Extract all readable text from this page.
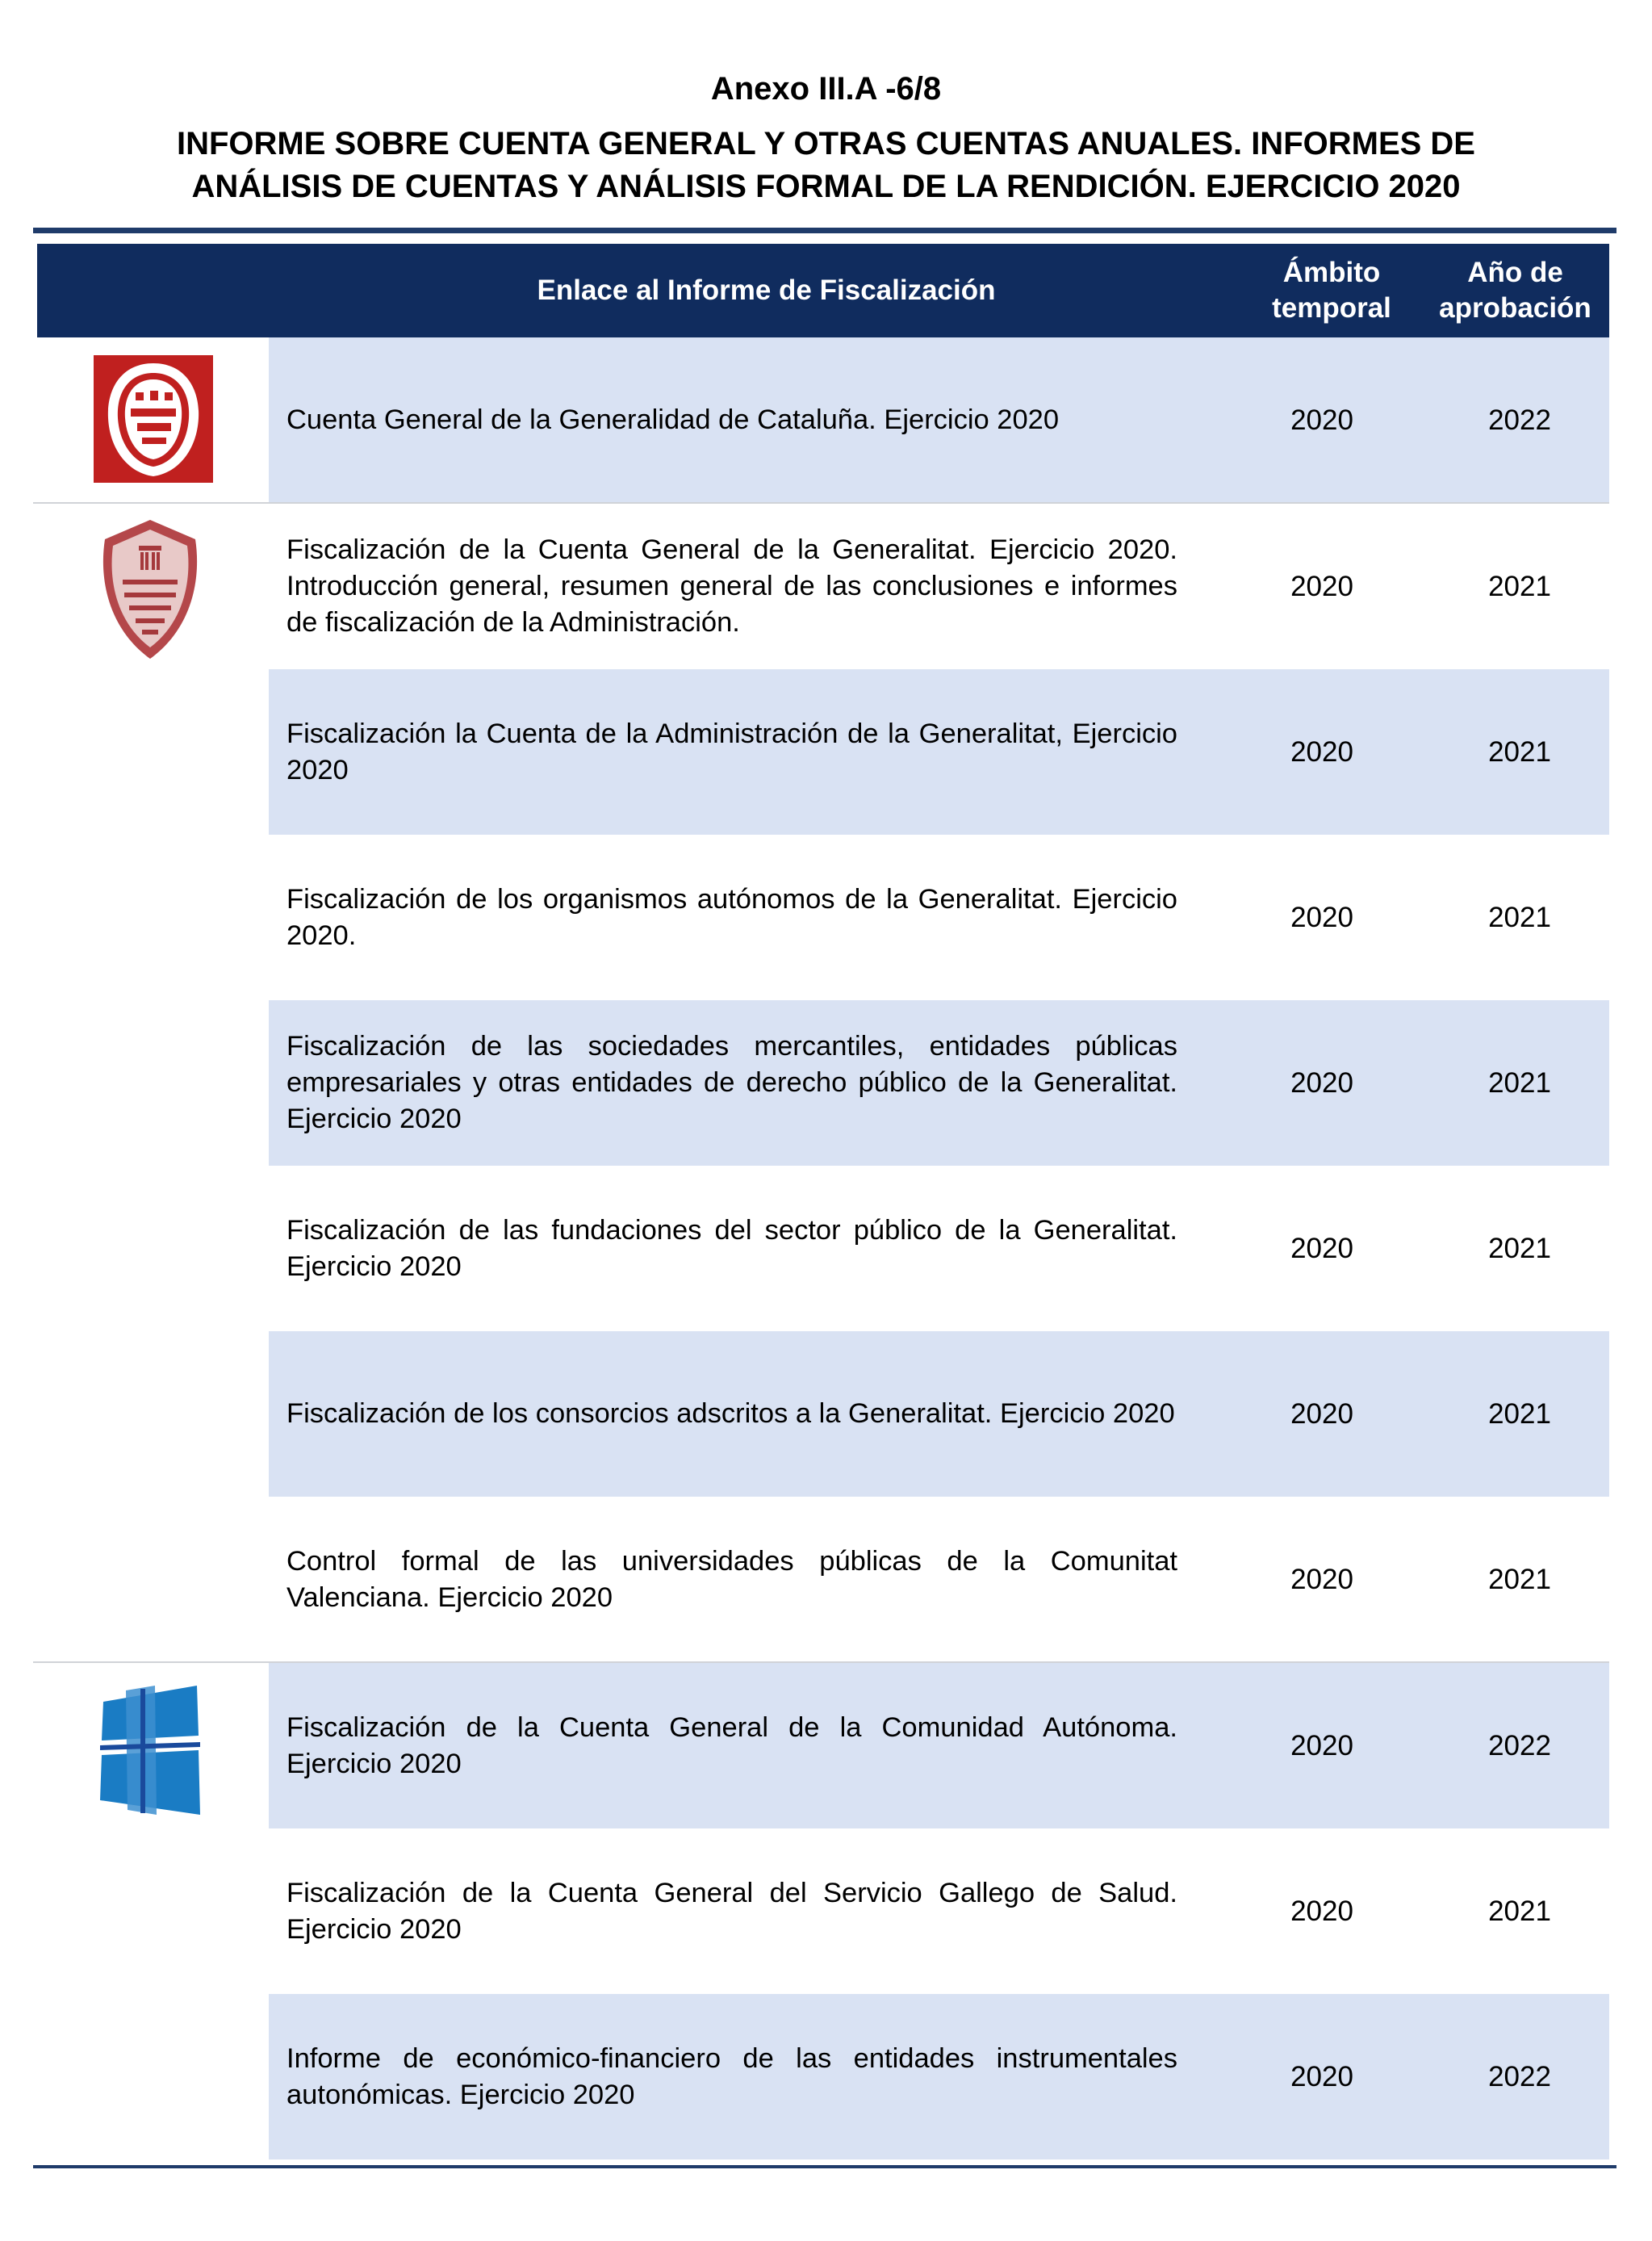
Anexo III.A -6/8
INFORME SOBRE CUENTA GENERAL Y OTRAS CUENTAS ANUALES. INFORMES DE
ANÁLISIS DE CUENTAS Y ANÁLISIS FORMAL DE LA RENDICIÓN. EJERCICIO 2020
Enlace al Informe de Fiscalización
Ámbito
temporal
Año de
aprobación
Cuenta General de la Generalidad de Cataluña. Ejercicio 2020	2020	2022
Fiscalización de la Cuenta General de la Generalitat. Ejercicio 2020. Introducción general, resumen general de las conclusiones e informes de fiscalización de la Administración.
2020	2021
Fiscalización la Cuenta de la Administración de la Generalitat, Ejercicio 2020
2020	2021
Fiscalización de los organismos autónomos de la Generalitat. Ejercicio 2020.
2020	2021
Fiscalización de las sociedades mercantiles, entidades públicas empresariales y otras entidades de derecho público de la Generalitat. Ejercicio 2020
2020	2021
Fiscalización de las fundaciones del sector público de la Generalitat. Ejercicio 2020
2020	2021
Fiscalización de los consorcios adscritos a la Generalitat. Ejercicio 2020	2020	2021
Control formal de las universidades públicas de la Comunitat Valenciana. Ejercicio 2020
2020	2021
Fiscalización de la Cuenta General de la Comunidad Autónoma. Ejercicio 2020
2020	2022
Fiscalización de la Cuenta General del Servicio Gallego de Salud. Ejercicio 2020
2020	2021
Informe de económico-financiero de las entidades instrumentales autonómicas. Ejercicio 2020
2020	2022
